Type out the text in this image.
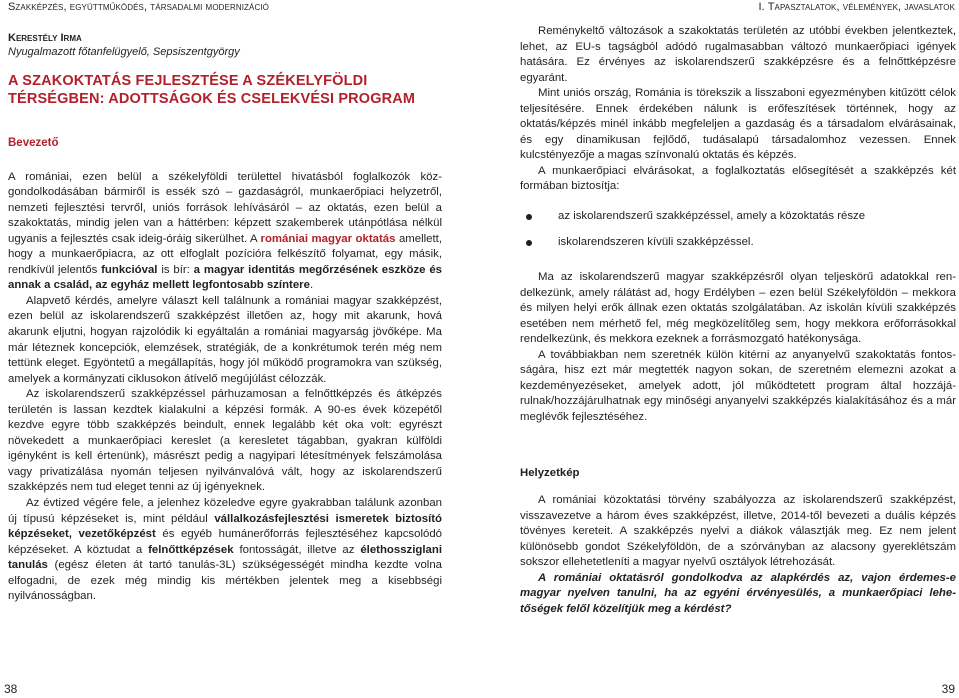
Szakképzés, együttműködés, társadalmi modernizáció	I. Tapasztalatok, vélemények, javaslatok
Kerestély Irma
Nyugalmazott főtanfelügyelő, Sepsiszentgyörgy
A SZAKOKTATÁS FEJLESZTÉSE A SZÉKELYFÖLDI TÉRSÉGBEN: ADOTTSÁGOK ÉS CSELEKVÉSI PROGRAM
Bevezető

A romániai, ezen belül a székelyföldi területtel hivatásból foglalkozók közgondolkodásában bármiről is essék szó – gazdaságról, munkaerőpiaci helyzetről, nemzeti fejlesztési tervről, uniós források lehívásáról – az oktatás, ezen belül a szakoktatás, mindig jelen van a háttérben: képzett szakemberek utánpótlása nélkül ugyanis a fejlesztés csak ideig-óráig sikerülhet. A romániai magyar oktatás amellett, hogy a munkaerőpiacra, az ott elfoglalt pozícióra felkészítő folyamat, egy másik, rendkívül jelentős funkcióval is bír: a magyar identitás megőrzésének eszköze és annak a család, az egyház mellett legfontosabb színtere.

Alapvető kérdés, amelyre választ kell találnunk a romániai magyar szakképzést, ezen belül az iskolarendszerű szakképzést illetően az, hogy mit akarunk, hová akarunk eljutni, hogyan rajzolódik ki egyáltalán a romániai magyarság jövőképe. Ma már léteznek koncepciók, elemzések, stratégiák, de a konkrétumok terén még nem tettünk eleget. Egyöntetű a megállapítás, hogy jól működő programokra van szükség, amelyek a kormányzati ciklusokon átívelő megújúlást célozzák.

Az iskolarendszerű szakképzéssel párhuzamosan a felnőttképzés és átképzés területén is lassan kezdtek kialakulni a képzési formák. A 90-es évek közepétől kezdve egyre több szakképzés beindult, ennek legalább két oka volt: egyrészt növekedett a munkaerőpiaci kereslet (a keresletet tágabban, gyakran külföldi igényként is kell értenünk), másrészt pedig a nagyipari létesítmények felszámolása vagy privatizálása nyomán teljesen nyilvánvalóvá vált, hogy az iskolarendszerű szakképzés nem tud eleget tenni az új igényeknek.

Az évtized végére fele, a jelenhez közeledve egyre gyakrabban találunk azonban új típusú képzéseket is, mint például vállalkozásfejlesztési ismeretek biztosító képzéseket, vezetőképzést és egyéb humánerőforrás fejlesztéséhez kapcsolódó képzéseket. A köztudat a felnőttképzések fontosságát, illetve az élethossziglani tanulás (egész életen át tartó tanulás-3L) szükségességét mindha kezdte volna elfogadni, de ezek még mindig kis mértékben jelentek meg a kisebbségi nyilvánosságban.

Reménykeltő változások a szakoktatás területén az utóbbi években jelentkeztek, lehet, az EU-s tagságból adódó rugalmasabban változó munkaerőpiaci igények hatására. Ez érvényes az iskolarendszerű szakképzésre és a felnőttképzésre egyaránt.

Mint uniós ország, Románia is törekszik a lisszaboni egyezményben kitűzött célok teljesítésére. Ennek érdekében nálunk is erőfeszítések történnek, hogy az oktatás/képzés minél inkább megfeleljen a gazdaság és a társadalom elvárásainak, és egy dinamikusan fejlődő, tudásalapú társadalomhoz vezessen. Ennek kulcstényezője a magas színvonalú oktatás és képzés.

A munkaerőpiaci elvárásokat, a foglalkoztatás elősegítését a szakképzés két formában biztosítja:

az iskolarendszerű szakképzéssel, amely a közoktatás része
iskolarendszeren kívüli szakképzéssel.

Ma az iskolarendszerű magyar szakképzésről olyan teljeskörű adatokkal rendelkezünk, amely rálátást ad, hogy Erdélyben – ezen belül Székelyföldön – mekkora és milyen helyi erők állnak ezen oktatás szolgálatában. Az iskolán kívüli szakképzés esetében nem mérhető fel, még megközelítőleg sem, hogy mekkora erőforrásokkal rendelkezünk, és mekkora ezeknek a forrásmozgató hatékonysága.

A továbbiakban nem szeretnék külön kitérni az anyanyelvű szakoktatás fontosságára, hisz ezt már megtették nagyon sokan, de szeretném elemezni azokat a kezdeményezéseket, amelyek adott, jól működtetett program által hozzájárulnak/hozzájárulhatnak egy minőségi anyanyelvi szakképzés kialakításához és a már meglévők fejlesztéséhez.

Helyzetkép

A romániai közoktatási törvény szabályozza az iskolarendszerű szakképzést, visszavezetve a három éves szakképzést, illetve, 2014-től bevezeti a duális képzés tövényes kereteit. A szakképzés nyelvi a diákok választják meg. Ez nem jelent különösebb gondot Székelyföldön, de a szórványban az alacsony gyereklétszám sokszor ellehetetleníti a magyar nyelvű osztályok létrehozását.

A romániai oktatásról gondolkodva az alapkérdés az, vajon érdemes-e magyar nyelven tanulni, ha az egyéni érvényesülés, a munkaerőpiaci lehetőségek felől közelítjük meg a kérdést?

38	39
